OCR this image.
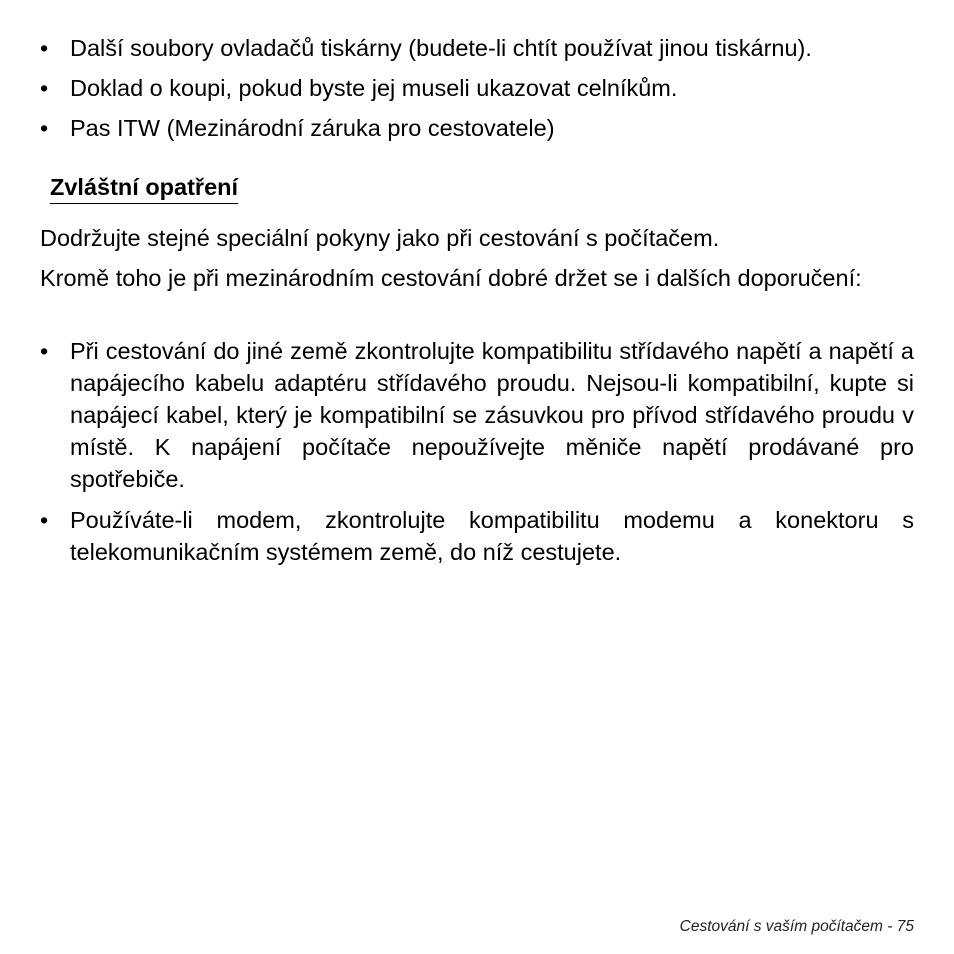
• Další soubory ovladačů tiskárny (budete-li chtít používat jinou tiskárnu).
• Doklad o koupi, pokud byste jej museli ukazovat celníkům.
• Pas ITW (Mezinárodní záruka pro cestovatele)
Zvláštní opatření

Dodržujte stejné speciální pokyny jako při cestování s počítačem.

Kromě toho je při mezinárodním cestování dobré držet se i dalších doporučení:

• Při cestování do jiné země zkontrolujte kompatibilitu střídavého napětí a napětí a napájecího kabelu adaptéru střídavého proudu. Nejsou-li kompatibilní, kupte si napájecí kabel, který je kompatibilní se zásuvkou pro přívod střídavého proudu v místě. K napájení počítače nepoužívejte měniče napětí prodávané pro spotřebiče.
• Používáte-li modem, zkontrolujte kompatibilitu modemu a konektoru s telekomunikačním systémem země, do níž cestujete.
Cestování s vaším počítačem - 75
